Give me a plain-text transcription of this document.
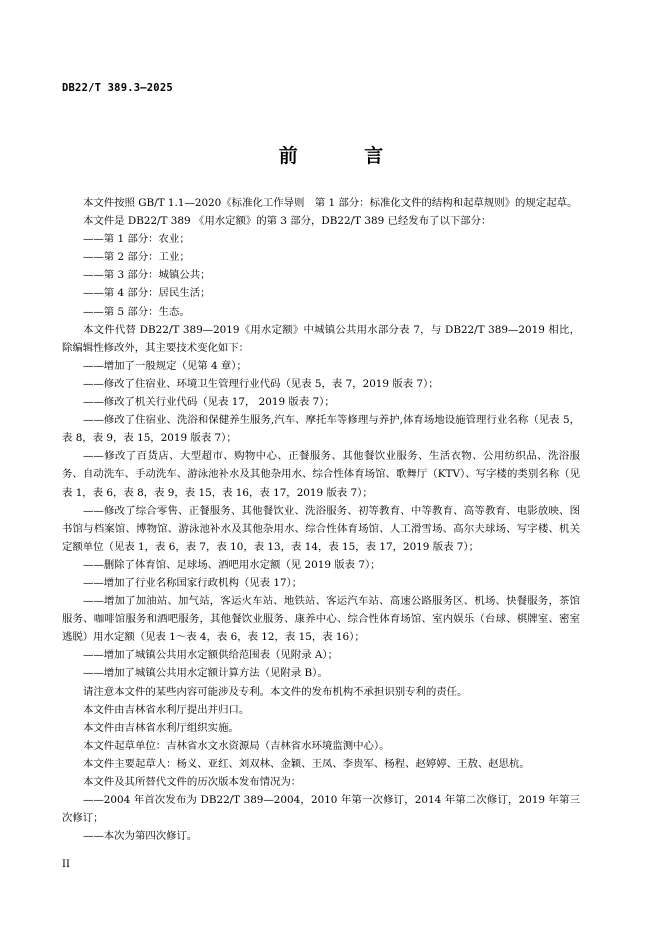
DB22/T 389.3—2025
前 言

本文件按照 GB/T 1.1—2020《标准化工作导则　第 1 部分：标准化文件的结构和起草规则》的规定起草。

本文件是 DB22/T 389 《用水定额》的第 3 部分，DB22/T 389 已经发布了以下部分：

——第 1 部分：农业；

——第 2 部分：工业；

——第 3 部分：城镇公共；

——第 4 部分：居民生活；

——第 5 部分：生态。

本文件代替 DB22/T 389—2019《用水定额》中城镇公共用水部分表 7，与 DB22/T 389—2019 相比，除编辑性修改外，其主要技术变化如下：

——增加了一般规定（见第 4 章）；

——修改了住宿业、环境卫生管理行业代码（见表 5，表 7，2019 版表 7）；

——修改了机关行业代码（见表 17， 2019 版表 7）；

——修改了住宿业、洗浴和保健养生服务,汽车、摩托车等修理与养护,体育场地设施管理行业名称（见表 5，表 8，表 9，表 15，2019 版表 7）；

——修改了百货店、大型超市、购物中心、正餐服务、其他餐饮业服务、生活衣物、公用纺织品、洗浴服务、自动洗车、手动洗车、游泳池补水及其他杂用水、综合性体育场馆、歌舞厅（KTV）、写字楼的类别名称（见表 1，表 6，表 8，表 9，表 15，表 16，表 17，2019 版表 7）；

——修改了综合零售、正餐服务、其他餐饮业、洗浴服务、初等教育、中等教育、高等教育、电影放映、图书馆与档案馆、博物馆、游泳池补水及其他杂用水、综合性体育场馆、人工滑雪场、高尔夫球场、写字楼、机关定额单位（见表 1，表 6，表 7，表 10，表 13，表 14，表 15，表 17，2019 版表 7）；

——删除了体育馆、足球场、酒吧用水定额（见 2019 版表 7）；

——增加了行业名称国家行政机构（见表 17）；

——增加了加油站、加气站，客运火车站、地铁站、客运汽车站、高速公路服务区、机场、快餐服务，茶馆服务、咖啡馆服务和酒吧服务，其他餐饮业服务、康养中心、综合性体育场馆、室内娱乐（台球、棋牌室、密室逃脱）用水定额（见表 1～表 4，表 6，表 12，表 15，表 16）；

——增加了城镇公共用水定额供给范围表（见附录 A）；

——增加了城镇公共用水定额计算方法（见附录 B）。

请注意本文件的某些内容可能涉及专利。本文件的发布机构不承担识别专利的责任。

本文件由吉林省水利厅提出并归口。

本文件由吉林省水利厅组织实施。

本文件起草单位：吉林省水文水资源局（吉林省水环境监测中心）。

本文件主要起草人：杨义、亚红、刘双林、金颖、王凤、李贵军、杨程、赵婷婷、王敖、赵思杭。

本文件及其所替代文件的历次版本发布情况为：

——2004 年首次发布为 DB22/T 389—2004，2010 年第一次修订，2014 年第二次修订，2019 年第三次修订；

——本次为第四次修订。

II
